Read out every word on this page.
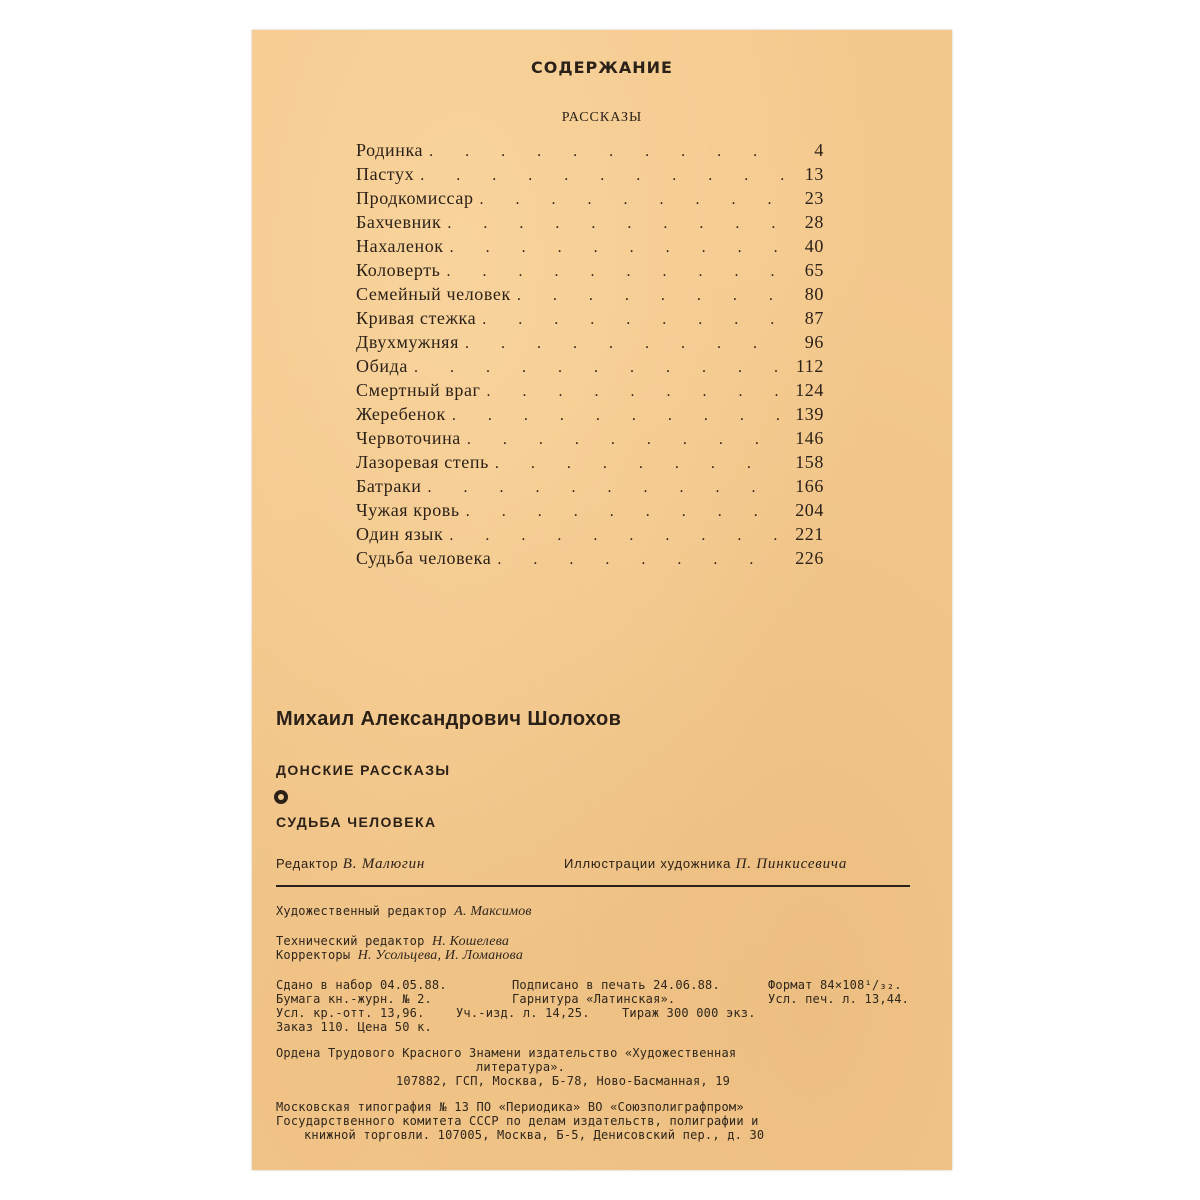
СОДЕРЖАНИЕ
РАССКАЗЫ
Родинка . . .	4
Пастух . . .	13
Продкомиссар . . .	23
Бахчевник . . .	28
Нахаленок . . .	40
Коловерть . . .	65
Семейный человек . . .	80
Кривая стежка . . .	87
Двухмужняя . . .	96
Обида . . .	112
Смертный враг . . .	124
Жеребенок . . .	139
Червоточина . . .	146
Лазоревая степь . . .	158
Батраки . . .	166
Чужая кровь . . .	204
Один язык . . .	221
Судьба человека . . .	226
Михаил Александрович Шолохов
ДОНСКИЕ РАССКАЗЫ
СУДЬБА ЧЕЛОВЕКА
Редактор В. Малюгин	Иллюстрации художника П. Пинкисевича
Художественный редактор А. Максимов
Технический редактор Н. Кошелева
Корректоры Н. Усольцева, И. Ломанова
Сдано в набор 04.05.88.	Подписано в печать 24.06.88.	Формат 84×108¹/₃₂.
Бумага кн.-журн. № 2.	Гарнитура «Латинская».	Усл. печ. л. 13,44.
Усл. кр.-отт. 13,96.	Уч.-изд. л. 14,25.	Тираж 300 000 экз.
Заказ 110. Цена 50 к.
Ордена Трудового Красного Знамени издательство «Художественная
литература».
107882, ГСП, Москва, Б-78, Ново-Басманная, 19
Московская типография № 13 ПО «Периодика» ВО «Союзполиграфпром»
Государственного комитета СССР по делам издательств, полиграфии и
книжной торговли. 107005, Москва, Б-5, Денисовский пер., д. 30
